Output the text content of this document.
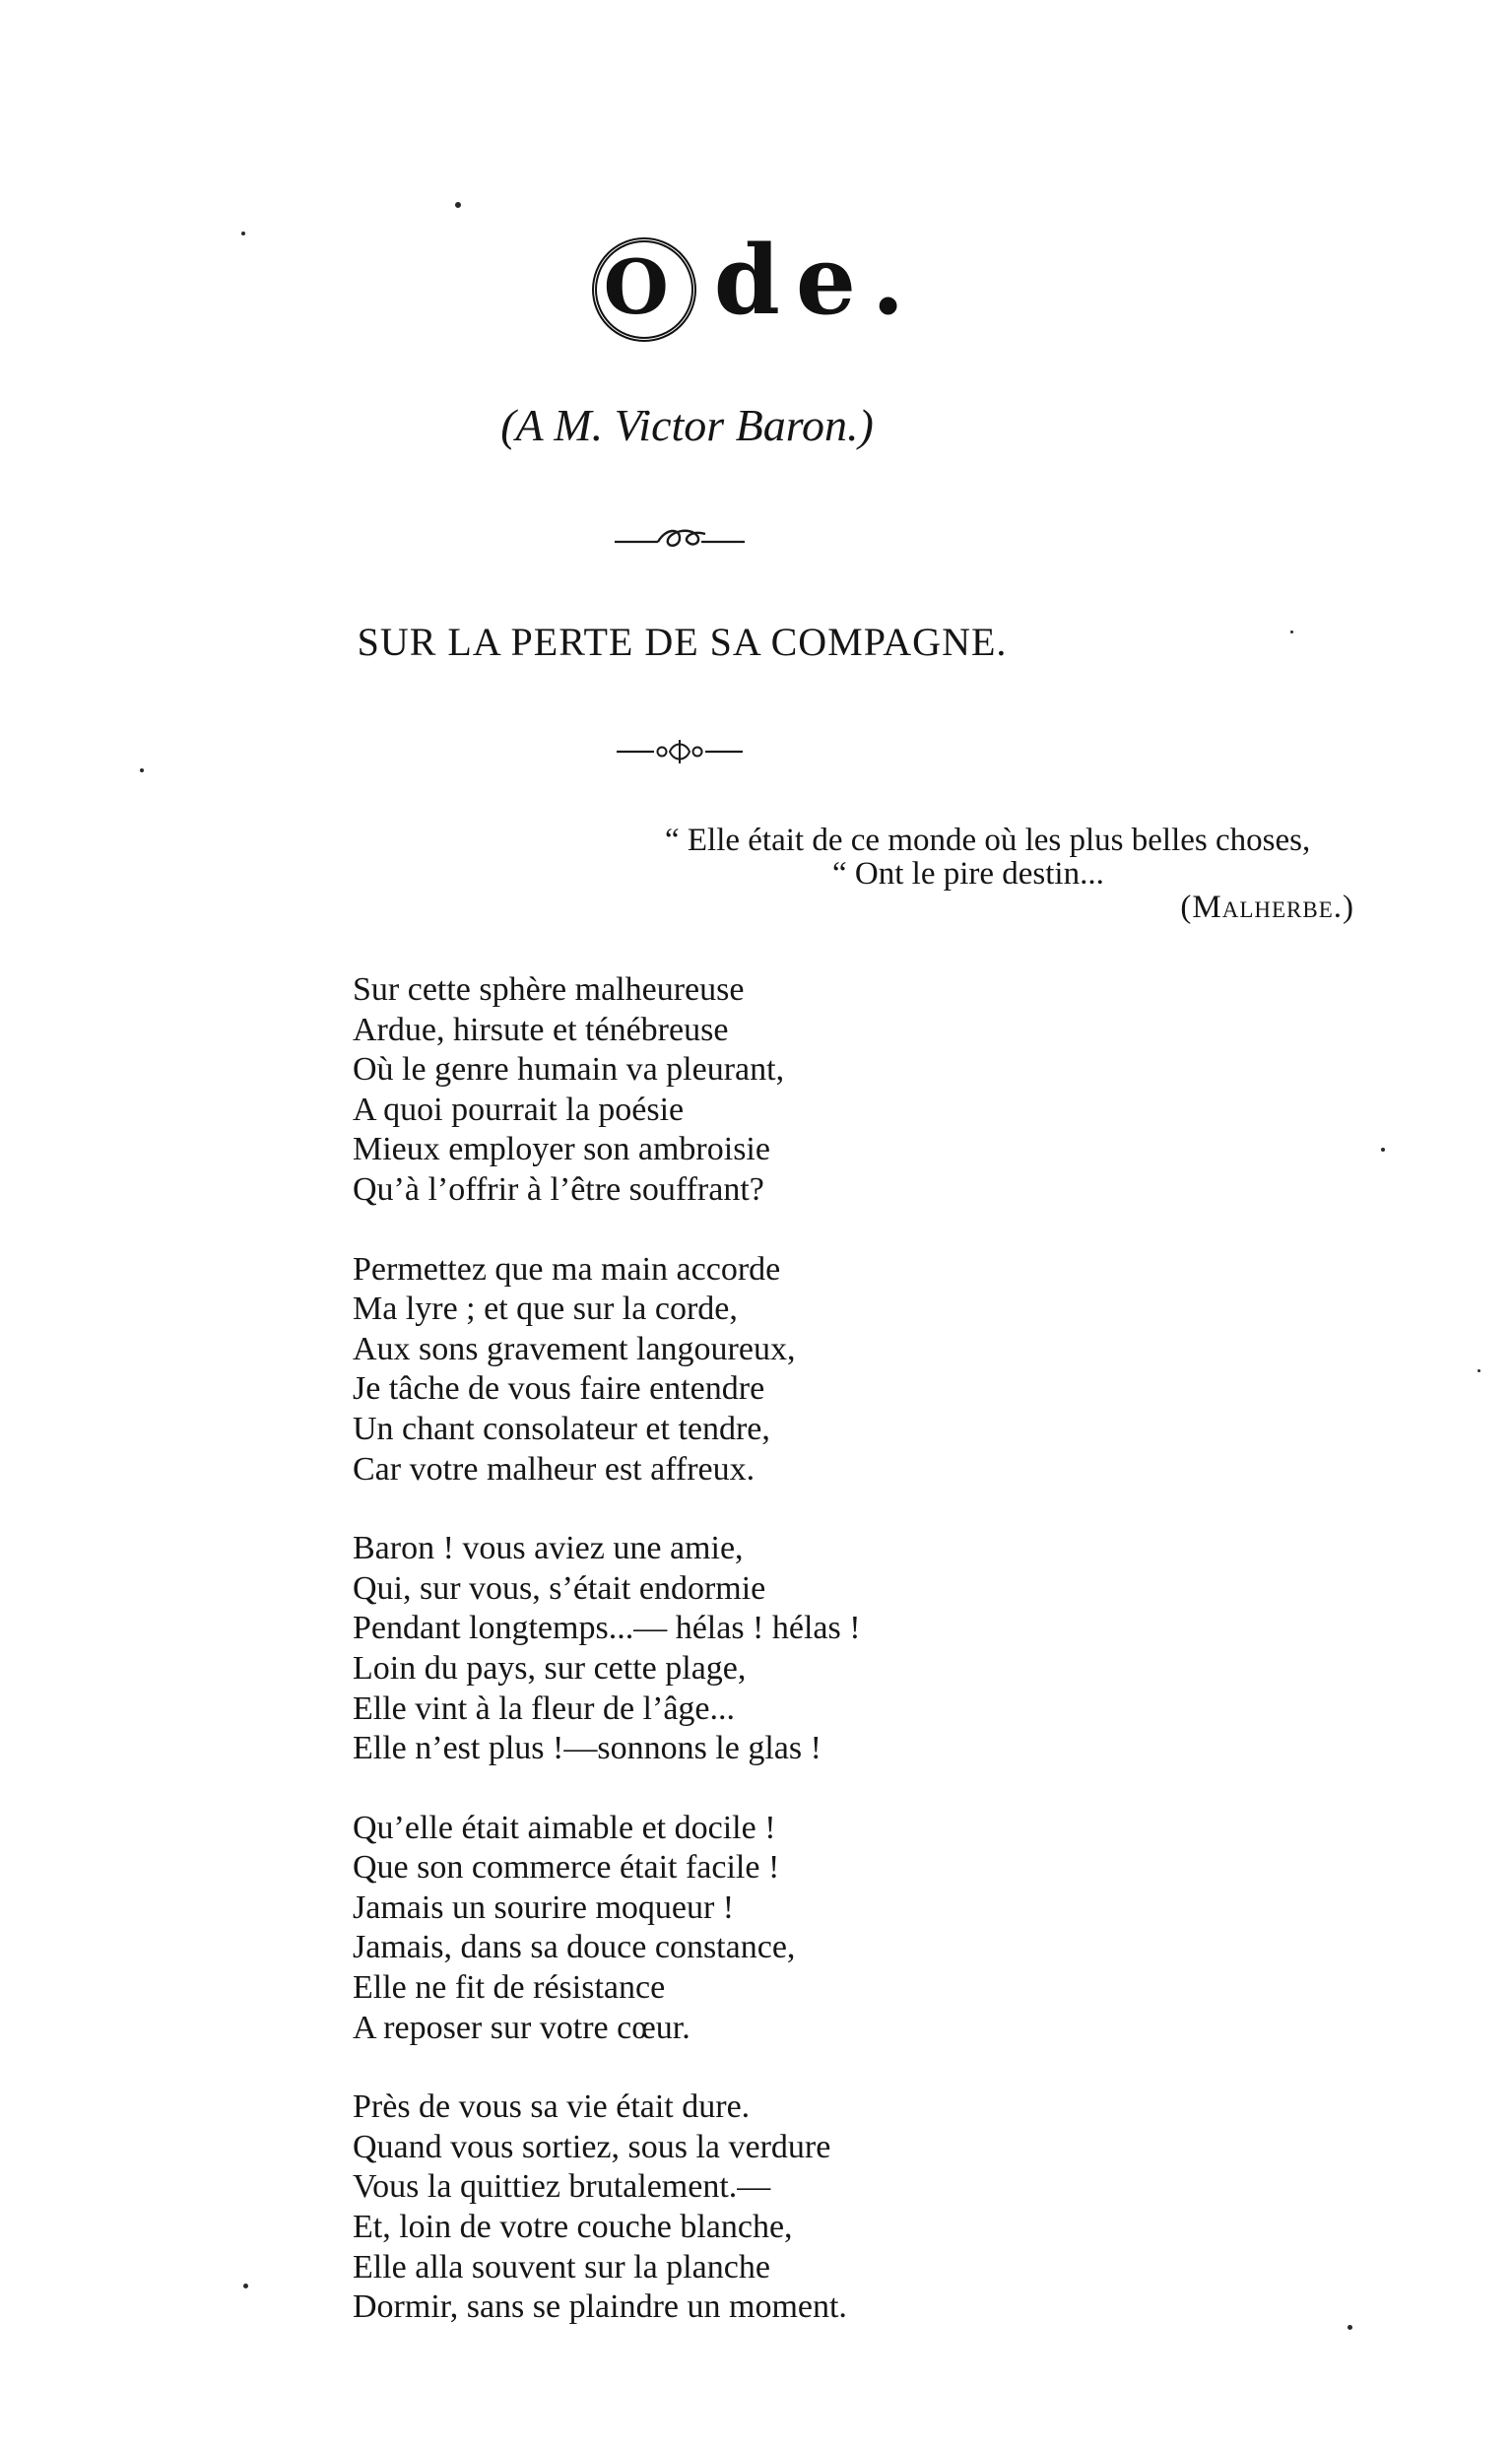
O de.
(A M. Victor Baron.)
SUR LA PERTE DE SA COMPAGNE.
“ Elle était de ce monde où les plus belles choses,
“ Ont le pire destin...
(Malherbe.)
Sur cette sphère malheureuse
Ardue, hirsute et ténébreuse
Où le genre humain va pleurant,
A quoi pourrait la poésie
Mieux employer son ambroisie
Qu’à l’offrir à l’être souffrant?
Permettez que ma main accorde
Ma lyre ; et que sur la corde,
Aux sons gravement langoureux,
Je tâche de vous faire entendre
Un chant consolateur et tendre,
Car votre malheur est affreux.
Baron ! vous aviez une amie,
Qui, sur vous, s’était endormie
Pendant longtemps...— hélas ! hélas !
Loin du pays, sur cette plage,
Elle vint à la fleur de l’âge...
Elle n’est plus !—sonnons le glas !
Qu’elle était aimable et docile !
Que son commerce était facile !
Jamais un sourire moqueur !
Jamais, dans sa douce constance,
Elle ne fit de résistance
A reposer sur votre cœur.
Près de vous sa vie était dure.
Quand vous sortiez, sous la verdure
Vous la quittiez brutalement.—
Et, loin de votre couche blanche,
Elle alla souvent sur la planche
Dormir, sans se plaindre un moment.
